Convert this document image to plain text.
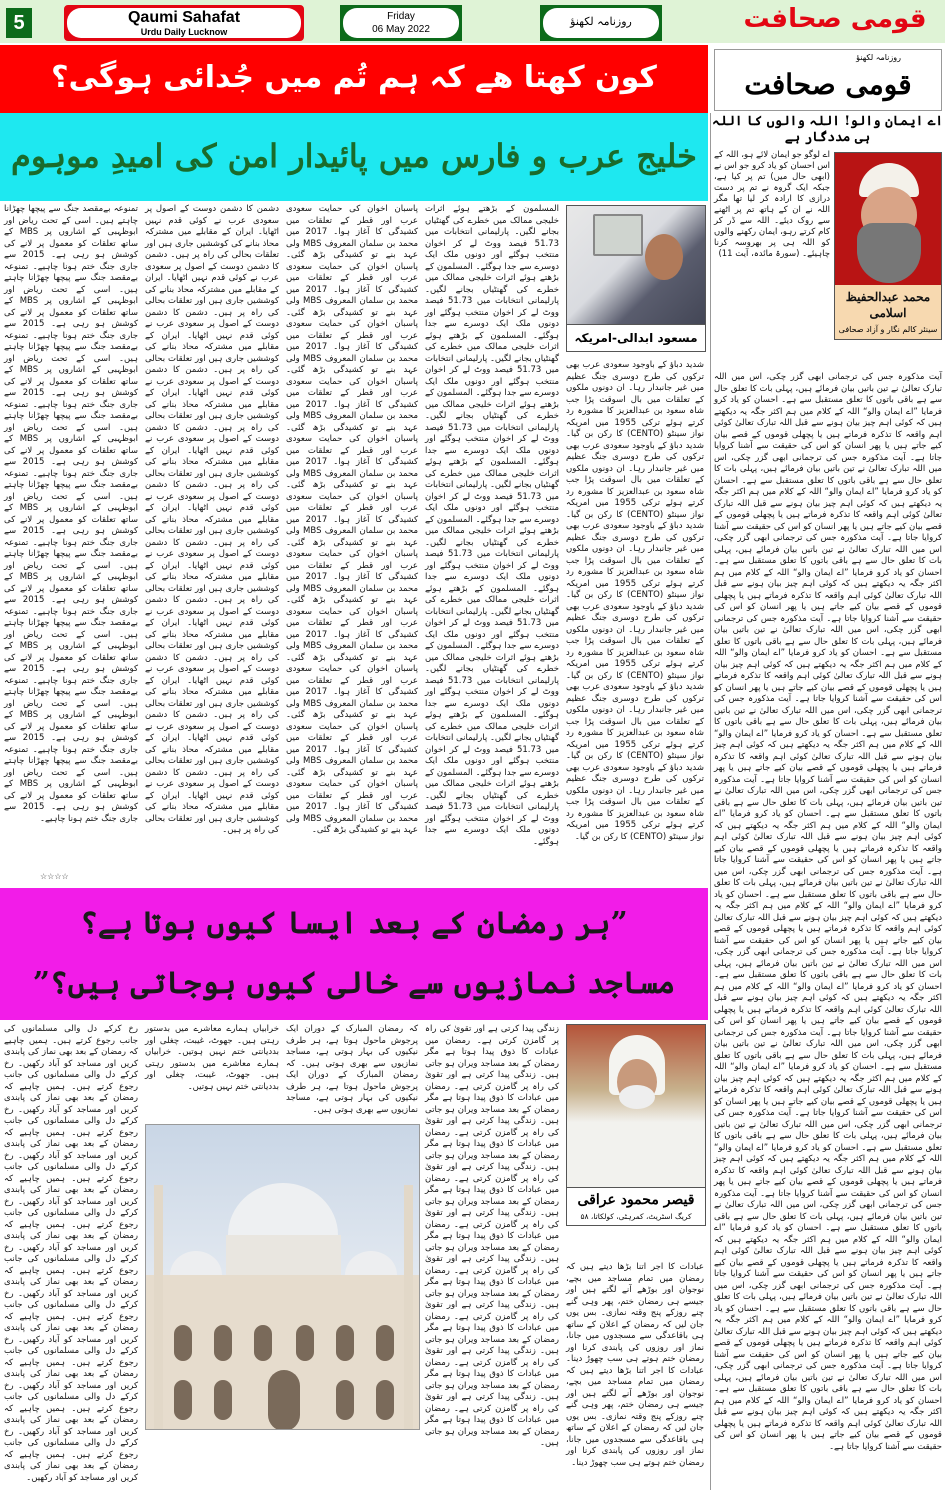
5	Qaumi Sahafat
Urdu Daily Lucknow
Friday
06 May 2022
روزنامہ لکھنؤ	قومی صحافت
کون کھتا ھے کہ ہم تُم میں جُدائی ہوگی؟
روزنامہ لکھنؤ
قومی صحافت
خلیج عرب و فارس میں پائیدار امن کی امیدِ موہوم
شدید دباؤ کے باوجود سعودی عرب بھی ترکوں کی طرح دوسری جنگ عظیم میں غیر جانبدار رہا۔ ان دونوں ملکوں کے تعلقات میں بال اسوقت پڑا جب شاہ سعود بن عبدالعزیز کا مشورہ رد کرتے ہوئے ترکی 1955 میں امریکہ نواز سینٹو (CENTO) کا رکن بن گیا۔ شدید دباؤ کے باوجود سعودی عرب بھی ترکوں کی طرح دوسری جنگ عظیم میں غیر جانبدار رہا۔ ان دونوں ملکوں کے تعلقات میں بال اسوقت پڑا جب شاہ سعود بن عبدالعزیز کا مشورہ رد کرتے ہوئے ترکی 1955 میں امریکہ نواز سینٹو (CENTO) کا رکن بن گیا۔ شدید دباؤ کے باوجود سعودی عرب بھی ترکوں کی طرح دوسری جنگ عظیم میں غیر جانبدار رہا۔ ان دونوں ملکوں کے تعلقات میں بال اسوقت پڑا جب شاہ سعود بن عبدالعزیز کا مشورہ رد کرتے ہوئے ترکی 1955 میں امریکہ نواز سینٹو (CENTO) کا رکن بن گیا۔ شدید دباؤ کے باوجود سعودی عرب بھی ترکوں کی طرح دوسری جنگ عظیم میں غیر جانبدار رہا۔ ان دونوں ملکوں کے تعلقات میں بال اسوقت پڑا جب شاہ سعود بن عبدالعزیز کا مشورہ رد کرتے ہوئے ترکی 1955 میں امریکہ نواز سینٹو (CENTO) کا رکن بن گیا۔ شدید دباؤ کے باوجود سعودی عرب بھی ترکوں کی طرح دوسری جنگ عظیم میں غیر جانبدار رہا۔ ان دونوں ملکوں کے تعلقات میں بال اسوقت پڑا جب شاہ سعود بن عبدالعزیز کا مشورہ رد کرتے ہوئے ترکی 1955 میں امریکہ نواز سینٹو (CENTO) کا رکن بن گیا۔ شدید دباؤ کے باوجود سعودی عرب بھی ترکوں کی طرح دوسری جنگ عظیم میں غیر جانبدار رہا۔ ان دونوں ملکوں کے تعلقات میں بال اسوقت پڑا جب شاہ سعود بن عبدالعزیز کا مشورہ رد کرتے ہوئے ترکی 1955 میں امریکہ نواز سینٹو (CENTO) کا رکن بن گیا۔
المسلمون کے بڑھتے ہوئے اثرات خلیجی ممالک میں خطرے کی گھنٹیاں بجانے لگیں۔ پارلیمانی انتخابات میں 51.73 فیصد ووٹ لے کر اخوان منتخب ہوگئے اور دونوں ملک ایک دوسرے سے جدا ہوگئے۔ المسلمون کے بڑھتے ہوئے اثرات خلیجی ممالک میں خطرے کی گھنٹیاں بجانے لگیں۔ پارلیمانی انتخابات میں 51.73 فیصد ووٹ لے کر اخوان منتخب ہوگئے اور دونوں ملک ایک دوسرے سے جدا ہوگئے۔ المسلمون کے بڑھتے ہوئے اثرات خلیجی ممالک میں خطرے کی گھنٹیاں بجانے لگیں۔ پارلیمانی انتخابات میں 51.73 فیصد ووٹ لے کر اخوان منتخب ہوگئے اور دونوں ملک ایک دوسرے سے جدا ہوگئے۔ المسلمون کے بڑھتے ہوئے اثرات خلیجی ممالک میں خطرے کی گھنٹیاں بجانے لگیں۔ پارلیمانی انتخابات میں 51.73 فیصد ووٹ لے کر اخوان منتخب ہوگئے اور دونوں ملک ایک دوسرے سے جدا ہوگئے۔ المسلمون کے بڑھتے ہوئے اثرات خلیجی ممالک میں خطرے کی گھنٹیاں بجانے لگیں۔ پارلیمانی انتخابات میں 51.73 فیصد ووٹ لے کر اخوان منتخب ہوگئے اور دونوں ملک ایک دوسرے سے جدا ہوگئے۔ المسلمون کے بڑھتے ہوئے اثرات خلیجی ممالک میں خطرے کی گھنٹیاں بجانے لگیں۔ پارلیمانی انتخابات میں 51.73 فیصد ووٹ لے کر اخوان منتخب ہوگئے اور دونوں ملک ایک دوسرے سے جدا ہوگئے۔ المسلمون کے بڑھتے ہوئے اثرات خلیجی ممالک میں خطرے کی گھنٹیاں بجانے لگیں۔ پارلیمانی انتخابات میں 51.73 فیصد ووٹ لے کر اخوان منتخب ہوگئے اور دونوں ملک ایک دوسرے سے جدا ہوگئے۔ المسلمون کے بڑھتے ہوئے اثرات خلیجی ممالک میں خطرے کی گھنٹیاں بجانے لگیں۔ پارلیمانی انتخابات میں 51.73 فیصد ووٹ لے کر اخوان منتخب ہوگئے اور دونوں ملک ایک دوسرے سے جدا ہوگئے۔ المسلمون کے بڑھتے ہوئے اثرات خلیجی ممالک میں خطرے کی گھنٹیاں بجانے لگیں۔ پارلیمانی انتخابات میں 51.73 فیصد ووٹ لے کر اخوان منتخب ہوگئے اور دونوں ملک ایک دوسرے سے جدا ہوگئے۔ المسلمون کے بڑھتے ہوئے اثرات خلیجی ممالک میں خطرے کی گھنٹیاں بجانے لگیں۔ پارلیمانی انتخابات میں 51.73 فیصد ووٹ لے کر اخوان منتخب ہوگئے اور دونوں ملک ایک دوسرے سے جدا ہوگئے۔
پاسبان اخوان کی حمایت سعودی عرب اور قطر کے تعلقات میں کشیدگی کا آغاز ہوا۔ 2017 میں محمد بن سلمان المعروف MBS ولی عہد بنے تو کشیدگی بڑھ گئی۔ پاسبان اخوان کی حمایت سعودی عرب اور قطر کے تعلقات میں کشیدگی کا آغاز ہوا۔ 2017 میں محمد بن سلمان المعروف MBS ولی عہد بنے تو کشیدگی بڑھ گئی۔ پاسبان اخوان کی حمایت سعودی عرب اور قطر کے تعلقات میں کشیدگی کا آغاز ہوا۔ 2017 میں محمد بن سلمان المعروف MBS ولی عہد بنے تو کشیدگی بڑھ گئی۔ پاسبان اخوان کی حمایت سعودی عرب اور قطر کے تعلقات میں کشیدگی کا آغاز ہوا۔ 2017 میں محمد بن سلمان المعروف MBS ولی عہد بنے تو کشیدگی بڑھ گئی۔ پاسبان اخوان کی حمایت سعودی عرب اور قطر کے تعلقات میں کشیدگی کا آغاز ہوا۔ 2017 میں محمد بن سلمان المعروف MBS ولی عہد بنے تو کشیدگی بڑھ گئی۔ پاسبان اخوان کی حمایت سعودی عرب اور قطر کے تعلقات میں کشیدگی کا آغاز ہوا۔ 2017 میں محمد بن سلمان المعروف MBS ولی عہد بنے تو کشیدگی بڑھ گئی۔ پاسبان اخوان کی حمایت سعودی عرب اور قطر کے تعلقات میں کشیدگی کا آغاز ہوا۔ 2017 میں محمد بن سلمان المعروف MBS ولی عہد بنے تو کشیدگی بڑھ گئی۔ پاسبان اخوان کی حمایت سعودی عرب اور قطر کے تعلقات میں کشیدگی کا آغاز ہوا۔ 2017 میں محمد بن سلمان المعروف MBS ولی عہد بنے تو کشیدگی بڑھ گئی۔ پاسبان اخوان کی حمایت سعودی عرب اور قطر کے تعلقات میں کشیدگی کا آغاز ہوا۔ 2017 میں محمد بن سلمان المعروف MBS ولی عہد بنے تو کشیدگی بڑھ گئی۔ پاسبان اخوان کی حمایت سعودی عرب اور قطر کے تعلقات میں کشیدگی کا آغاز ہوا۔ 2017 میں محمد بن سلمان المعروف MBS ولی عہد بنے تو کشیدگی بڑھ گئی۔ پاسبان اخوان کی حمایت سعودی عرب اور قطر کے تعلقات میں کشیدگی کا آغاز ہوا۔ 2017 میں محمد بن سلمان المعروف MBS ولی عہد بنے تو کشیدگی بڑھ گئی۔
دشمن کا دشمن دوست کے اصول پر سعودی عرب نے کوئی قدم نہیں اٹھایا۔ ایران کے مقابلے میں مشترکہ محاذ بنانے کی کوششیں جاری ہیں اور تعلقات بحالی کی راہ پر ہیں۔ دشمن کا دشمن دوست کے اصول پر سعودی عرب نے کوئی قدم نہیں اٹھایا۔ ایران کے مقابلے میں مشترکہ محاذ بنانے کی کوششیں جاری ہیں اور تعلقات بحالی کی راہ پر ہیں۔ دشمن کا دشمن دوست کے اصول پر سعودی عرب نے کوئی قدم نہیں اٹھایا۔ ایران کے مقابلے میں مشترکہ محاذ بنانے کی کوششیں جاری ہیں اور تعلقات بحالی کی راہ پر ہیں۔ دشمن کا دشمن دوست کے اصول پر سعودی عرب نے کوئی قدم نہیں اٹھایا۔ ایران کے مقابلے میں مشترکہ محاذ بنانے کی کوششیں جاری ہیں اور تعلقات بحالی کی راہ پر ہیں۔ دشمن کا دشمن دوست کے اصول پر سعودی عرب نے کوئی قدم نہیں اٹھایا۔ ایران کے مقابلے میں مشترکہ محاذ بنانے کی کوششیں جاری ہیں اور تعلقات بحالی کی راہ پر ہیں۔ دشمن کا دشمن دوست کے اصول پر سعودی عرب نے کوئی قدم نہیں اٹھایا۔ ایران کے مقابلے میں مشترکہ محاذ بنانے کی کوششیں جاری ہیں اور تعلقات بحالی کی راہ پر ہیں۔ دشمن کا دشمن دوست کے اصول پر سعودی عرب نے کوئی قدم نہیں اٹھایا۔ ایران کے مقابلے میں مشترکہ محاذ بنانے کی کوششیں جاری ہیں اور تعلقات بحالی کی راہ پر ہیں۔ دشمن کا دشمن دوست کے اصول پر سعودی عرب نے کوئی قدم نہیں اٹھایا۔ ایران کے مقابلے میں مشترکہ محاذ بنانے کی کوششیں جاری ہیں اور تعلقات بحالی کی راہ پر ہیں۔ دشمن کا دشمن دوست کے اصول پر سعودی عرب نے کوئی قدم نہیں اٹھایا۔ ایران کے مقابلے میں مشترکہ محاذ بنانے کی کوششیں جاری ہیں اور تعلقات بحالی کی راہ پر ہیں۔ دشمن کا دشمن دوست کے اصول پر سعودی عرب نے کوئی قدم نہیں اٹھایا۔ ایران کے مقابلے میں مشترکہ محاذ بنانے کی کوششیں جاری ہیں اور تعلقات بحالی کی راہ پر ہیں۔ دشمن کا دشمن دوست کے اصول پر سعودی عرب نے کوئی قدم نہیں اٹھایا۔ ایران کے مقابلے میں مشترکہ محاذ بنانے کی کوششیں جاری ہیں اور تعلقات بحالی کی راہ پر ہیں۔
تمنوعہ بےمقصد جنگ سے پیچھا چھڑانا چاہتے ہیں۔ اسی کے تحت ریاض اور ابوظہبی کے اشاروں پر MBS کے ساتھ تعلقات کو معمول پر لانے کی کوشش ہو رہی ہے۔ 2015 سے جاری جنگ ختم ہونا چاہیے۔ تمنوعہ بےمقصد جنگ سے پیچھا چھڑانا چاہتے ہیں۔ اسی کے تحت ریاض اور ابوظہبی کے اشاروں پر MBS کے ساتھ تعلقات کو معمول پر لانے کی کوشش ہو رہی ہے۔ 2015 سے جاری جنگ ختم ہونا چاہیے۔ تمنوعہ بےمقصد جنگ سے پیچھا چھڑانا چاہتے ہیں۔ اسی کے تحت ریاض اور ابوظہبی کے اشاروں پر MBS کے ساتھ تعلقات کو معمول پر لانے کی کوشش ہو رہی ہے۔ 2015 سے جاری جنگ ختم ہونا چاہیے۔ تمنوعہ بےمقصد جنگ سے پیچھا چھڑانا چاہتے ہیں۔ اسی کے تحت ریاض اور ابوظہبی کے اشاروں پر MBS کے ساتھ تعلقات کو معمول پر لانے کی کوشش ہو رہی ہے۔ 2015 سے جاری جنگ ختم ہونا چاہیے۔ تمنوعہ بےمقصد جنگ سے پیچھا چھڑانا چاہتے ہیں۔ اسی کے تحت ریاض اور ابوظہبی کے اشاروں پر MBS کے ساتھ تعلقات کو معمول پر لانے کی کوشش ہو رہی ہے۔ 2015 سے جاری جنگ ختم ہونا چاہیے۔ تمنوعہ بےمقصد جنگ سے پیچھا چھڑانا چاہتے ہیں۔ اسی کے تحت ریاض اور ابوظہبی کے اشاروں پر MBS کے ساتھ تعلقات کو معمول پر لانے کی کوشش ہو رہی ہے۔ 2015 سے جاری جنگ ختم ہونا چاہیے۔ تمنوعہ بےمقصد جنگ سے پیچھا چھڑانا چاہتے ہیں۔ اسی کے تحت ریاض اور ابوظہبی کے اشاروں پر MBS کے ساتھ تعلقات کو معمول پر لانے کی کوشش ہو رہی ہے۔ 2015 سے جاری جنگ ختم ہونا چاہیے۔ تمنوعہ بےمقصد جنگ سے پیچھا چھڑانا چاہتے ہیں۔ اسی کے تحت ریاض اور ابوظہبی کے اشاروں پر MBS کے ساتھ تعلقات کو معمول پر لانے کی کوشش ہو رہی ہے۔ 2015 سے جاری جنگ ختم ہونا چاہیے۔ تمنوعہ بےمقصد جنگ سے پیچھا چھڑانا چاہتے ہیں۔ اسی کے تحت ریاض اور ابوظہبی کے اشاروں پر MBS کے ساتھ تعلقات کو معمول پر لانے کی کوشش ہو رہی ہے۔ 2015 سے جاری جنگ ختم ہونا چاہیے۔
مسعود ابدالی-امریکہ
☆☆☆☆
اے ایمان والو! اللہ والوں کا اللہ ہی مددگار ہے
محمد عبدالحفیظ اسلامی
سینئر کالم نگار و آزاد صحافی
اے لوگو جو ایمان لائے ہو، اللہ کے اس احسان کو یاد کرو جو اس نے (ابھی حال میں) تم پر کیا ہے، جبکہ ایک گروہ نے تم پر دست درازی کا ارادہ کر لیا تھا مگر اللہ نے ان کے ہاتھ تم پر اٹھنے سے روک دیئے۔ اللہ سے ڈر کر کام کرتے رہو، ایمان رکھنے والوں کو اللہ ہی پر بھروسہ کرنا چاہیئے۔ (سورۃ مائدہ، آیت 11)
آیت مذکورہ جس کی ترجمانی ابھی گزر چکی، اس میں اللہ تبارک تعالیٰ نے تین باتیں بیان فرمائے ہیں، پہلی بات کا تعلق حال سے ہے باقی باتوں کا تعلق مستقبل سے ہے۔ احسان کو یاد کرو فرمایا ”اے ایمان والو“ اللہ کے کلام میں ہم اکثر جگہ یہ دیکھتے ہیں کہ کوئی اہم چیز بیان ہونے سے قبل اللہ تبارک تعالیٰ کوئی اہم واقعہ کا تذکرہ فرماتے ہیں یا پچھلی قوموں کے قصے بیان کیے جاتے ہیں یا پھر انسان کو اس کی حقیقت سے آشنا کروایا جاتا ہے۔ آیت مذکورہ جس کی ترجمانی ابھی گزر چکی، اس میں اللہ تبارک تعالیٰ نے تین باتیں بیان فرمائے ہیں، پہلی بات کا تعلق حال سے ہے باقی باتوں کا تعلق مستقبل سے ہے۔ احسان کو یاد کرو فرمایا ”اے ایمان والو“ اللہ کے کلام میں ہم اکثر جگہ یہ دیکھتے ہیں کہ کوئی اہم چیز بیان ہونے سے قبل اللہ تبارک تعالیٰ کوئی اہم واقعہ کا تذکرہ فرماتے ہیں یا پچھلی قوموں کے قصے بیان کیے جاتے ہیں یا پھر انسان کو اس کی حقیقت سے آشنا کروایا جاتا ہے۔ آیت مذکورہ جس کی ترجمانی ابھی گزر چکی، اس میں اللہ تبارک تعالیٰ نے تین باتیں بیان فرمائے ہیں، پہلی بات کا تعلق حال سے ہے باقی باتوں کا تعلق مستقبل سے ہے۔ احسان کو یاد کرو فرمایا ”اے ایمان والو“ اللہ کے کلام میں ہم اکثر جگہ یہ دیکھتے ہیں کہ کوئی اہم چیز بیان ہونے سے قبل اللہ تبارک تعالیٰ کوئی اہم واقعہ کا تذکرہ فرماتے ہیں یا پچھلی قوموں کے قصے بیان کیے جاتے ہیں یا پھر انسان کو اس کی حقیقت سے آشنا کروایا جاتا ہے۔ آیت مذکورہ جس کی ترجمانی ابھی گزر چکی، اس میں اللہ تبارک تعالیٰ نے تین باتیں بیان فرمائے ہیں، پہلی بات کا تعلق حال سے ہے باقی باتوں کا تعلق مستقبل سے ہے۔ احسان کو یاد کرو فرمایا ”اے ایمان والو“ اللہ کے کلام میں ہم اکثر جگہ یہ دیکھتے ہیں کہ کوئی اہم چیز بیان ہونے سے قبل اللہ تبارک تعالیٰ کوئی اہم واقعہ کا تذکرہ فرماتے ہیں یا پچھلی قوموں کے قصے بیان کیے جاتے ہیں یا پھر انسان کو اس کی حقیقت سے آشنا کروایا جاتا ہے۔ آیت مذکورہ جس کی ترجمانی ابھی گزر چکی، اس میں اللہ تبارک تعالیٰ نے تین باتیں بیان فرمائے ہیں، پہلی بات کا تعلق حال سے ہے باقی باتوں کا تعلق مستقبل سے ہے۔ احسان کو یاد کرو فرمایا ”اے ایمان والو“ اللہ کے کلام میں ہم اکثر جگہ یہ دیکھتے ہیں کہ کوئی اہم چیز بیان ہونے سے قبل اللہ تبارک تعالیٰ کوئی اہم واقعہ کا تذکرہ فرماتے ہیں یا پچھلی قوموں کے قصے بیان کیے جاتے ہیں یا پھر انسان کو اس کی حقیقت سے آشنا کروایا جاتا ہے۔ آیت مذکورہ جس کی ترجمانی ابھی گزر چکی، اس میں اللہ تبارک تعالیٰ نے تین باتیں بیان فرمائے ہیں، پہلی بات کا تعلق حال سے ہے باقی باتوں کا تعلق مستقبل سے ہے۔ احسان کو یاد کرو فرمایا ”اے ایمان والو“ اللہ کے کلام میں ہم اکثر جگہ یہ دیکھتے ہیں کہ کوئی اہم چیز بیان ہونے سے قبل اللہ تبارک تعالیٰ کوئی اہم واقعہ کا تذکرہ فرماتے ہیں یا پچھلی قوموں کے قصے بیان کیے جاتے ہیں یا پھر انسان کو اس کی حقیقت سے آشنا کروایا جاتا ہے۔ آیت مذکورہ جس کی ترجمانی ابھی گزر چکی، اس میں اللہ تبارک تعالیٰ نے تین باتیں بیان فرمائے ہیں، پہلی بات کا تعلق حال سے ہے باقی باتوں کا تعلق مستقبل سے ہے۔ احسان کو یاد کرو فرمایا ”اے ایمان والو“ اللہ کے کلام میں ہم اکثر جگہ یہ دیکھتے ہیں کہ کوئی اہم چیز بیان ہونے سے قبل اللہ تبارک تعالیٰ کوئی اہم واقعہ کا تذکرہ فرماتے ہیں یا پچھلی قوموں کے قصے بیان کیے جاتے ہیں یا پھر انسان کو اس کی حقیقت سے آشنا کروایا جاتا ہے۔ آیت مذکورہ جس کی ترجمانی ابھی گزر چکی، اس میں اللہ تبارک تعالیٰ نے تین باتیں بیان فرمائے ہیں، پہلی بات کا تعلق حال سے ہے باقی باتوں کا تعلق مستقبل سے ہے۔ احسان کو یاد کرو فرمایا ”اے ایمان والو“ اللہ کے کلام میں ہم اکثر جگہ یہ دیکھتے ہیں کہ کوئی اہم چیز بیان ہونے سے قبل اللہ تبارک تعالیٰ کوئی اہم واقعہ کا تذکرہ فرماتے ہیں یا پچھلی قوموں کے قصے بیان کیے جاتے ہیں یا پھر انسان کو اس کی حقیقت سے آشنا کروایا جاتا ہے۔ آیت مذکورہ جس کی ترجمانی ابھی گزر چکی، اس میں اللہ تبارک تعالیٰ نے تین باتیں بیان فرمائے ہیں، پہلی بات کا تعلق حال سے ہے باقی باتوں کا تعلق مستقبل سے ہے۔ احسان کو یاد کرو فرمایا ”اے ایمان والو“ اللہ کے کلام میں ہم اکثر جگہ یہ دیکھتے ہیں کہ کوئی اہم چیز بیان ہونے سے قبل اللہ تبارک تعالیٰ کوئی اہم واقعہ کا تذکرہ فرماتے ہیں یا پچھلی قوموں کے قصے بیان کیے جاتے ہیں یا پھر انسان کو اس کی حقیقت سے آشنا کروایا جاتا ہے۔ آیت مذکورہ جس کی ترجمانی ابھی گزر چکی، اس میں اللہ تبارک تعالیٰ نے تین باتیں بیان فرمائے ہیں، پہلی بات کا تعلق حال سے ہے باقی باتوں کا تعلق مستقبل سے ہے۔ احسان کو یاد کرو فرمایا ”اے ایمان والو“ اللہ کے کلام میں ہم اکثر جگہ یہ دیکھتے ہیں کہ کوئی اہم چیز بیان ہونے سے قبل اللہ تبارک تعالیٰ کوئی اہم واقعہ کا تذکرہ فرماتے ہیں یا پچھلی قوموں کے قصے بیان کیے جاتے ہیں یا پھر انسان کو اس کی حقیقت سے آشنا کروایا جاتا ہے۔ آیت مذکورہ جس کی ترجمانی ابھی گزر چکی، اس میں اللہ تبارک تعالیٰ نے تین باتیں بیان فرمائے ہیں، پہلی بات کا تعلق حال سے ہے باقی باتوں کا تعلق مستقبل سے ہے۔ احسان کو یاد کرو فرمایا ”اے ایمان والو“ اللہ کے کلام میں ہم اکثر جگہ یہ دیکھتے ہیں کہ کوئی اہم چیز بیان ہونے سے قبل اللہ تبارک تعالیٰ کوئی اہم واقعہ کا تذکرہ فرماتے ہیں یا پچھلی قوموں کے قصے بیان کیے جاتے ہیں یا پھر انسان کو اس کی حقیقت سے آشنا کروایا جاتا ہے۔ آیت مذکورہ جس کی ترجمانی ابھی گزر چکی، اس میں اللہ تبارک تعالیٰ نے تین باتیں بیان فرمائے ہیں، پہلی بات کا تعلق حال سے ہے باقی باتوں کا تعلق مستقبل سے ہے۔ احسان کو یاد کرو فرمایا ”اے ایمان والو“ اللہ کے کلام میں ہم اکثر جگہ یہ دیکھتے ہیں کہ کوئی اہم چیز بیان ہونے سے قبل اللہ تبارک تعالیٰ کوئی اہم واقعہ کا تذکرہ فرماتے ہیں یا پچھلی قوموں کے قصے بیان کیے جاتے ہیں یا پھر انسان کو اس کی حقیقت سے آشنا کروایا جاتا ہے۔ آیت مذکورہ جس کی ترجمانی ابھی گزر چکی، اس میں اللہ تبارک تعالیٰ نے تین باتیں بیان فرمائے ہیں، پہلی بات کا تعلق حال سے ہے باقی باتوں کا تعلق مستقبل سے ہے۔ احسان کو یاد کرو فرمایا ”اے ایمان والو“ اللہ کے کلام میں ہم اکثر جگہ یہ دیکھتے ہیں کہ کوئی اہم چیز بیان ہونے سے قبل اللہ تبارک تعالیٰ کوئی اہم واقعہ کا تذکرہ فرماتے ہیں یا پچھلی قوموں کے قصے بیان کیے جاتے ہیں یا پھر انسان کو اس کی حقیقت سے آشنا کروایا جاتا ہے۔
”ہر رمضان کے بعد ایسا کیوں ہوتا ہے؟
مساجد نمازیوں سے خالی کیوں ہوجاتی ہیں؟”
عبادات کا اجر اتنا بڑھا دیتے ہیں کہ رمضان میں تمام مساجد میں بچے، نوجوان اور بوڑھے آنے لگتے ہیں اور جیسے ہی رمضان ختم، پھر وہی گنے چنے روزکے پنج وقتہ نمازی۔ بس یوں جان لیں کہ رمضان کے اعلان کے ساتھ ہی باقاعدگی سے مسجدوں میں جانا، نماز اور روزوں کی پابندی کرنا اور رمضان ختم ہوتے ہی سب چھوڑ دینا۔ عبادات کا اجر اتنا بڑھا دیتے ہیں کہ رمضان میں تمام مساجد میں بچے، نوجوان اور بوڑھے آنے لگتے ہیں اور جیسے ہی رمضان ختم، پھر وہی گنے چنے روزکے پنج وقتہ نمازی۔ بس یوں جان لیں کہ رمضان کے اعلان کے ساتھ ہی باقاعدگی سے مسجدوں میں جانا، نماز اور روزوں کی پابندی کرنا اور رمضان ختم ہوتے ہی سب چھوڑ دینا۔
زندگی پیدا کرتی ہے اور تقویٰ کی راہ پر گامزن کرتی ہے۔ رمضان میں عبادات کا ذوق پیدا ہوتا ہے مگر رمضان کے بعد مساجد ویران ہو جاتی ہیں۔ زندگی پیدا کرتی ہے اور تقویٰ کی راہ پر گامزن کرتی ہے۔ رمضان میں عبادات کا ذوق پیدا ہوتا ہے مگر رمضان کے بعد مساجد ویران ہو جاتی ہیں۔ زندگی پیدا کرتی ہے اور تقویٰ کی راہ پر گامزن کرتی ہے۔ رمضان میں عبادات کا ذوق پیدا ہوتا ہے مگر رمضان کے بعد مساجد ویران ہو جاتی ہیں۔ زندگی پیدا کرتی ہے اور تقویٰ کی راہ پر گامزن کرتی ہے۔ رمضان میں عبادات کا ذوق پیدا ہوتا ہے مگر رمضان کے بعد مساجد ویران ہو جاتی ہیں۔ زندگی پیدا کرتی ہے اور تقویٰ کی راہ پر گامزن کرتی ہے۔ رمضان میں عبادات کا ذوق پیدا ہوتا ہے مگر رمضان کے بعد مساجد ویران ہو جاتی ہیں۔ زندگی پیدا کرتی ہے اور تقویٰ کی راہ پر گامزن کرتی ہے۔ رمضان میں عبادات کا ذوق پیدا ہوتا ہے مگر رمضان کے بعد مساجد ویران ہو جاتی ہیں۔ زندگی پیدا کرتی ہے اور تقویٰ کی راہ پر گامزن کرتی ہے۔ رمضان میں عبادات کا ذوق پیدا ہوتا ہے مگر رمضان کے بعد مساجد ویران ہو جاتی ہیں۔ زندگی پیدا کرتی ہے اور تقویٰ کی راہ پر گامزن کرتی ہے۔ رمضان میں عبادات کا ذوق پیدا ہوتا ہے مگر رمضان کے بعد مساجد ویران ہو جاتی ہیں۔ زندگی پیدا کرتی ہے اور تقویٰ کی راہ پر گامزن کرتی ہے۔ رمضان میں عبادات کا ذوق پیدا ہوتا ہے مگر رمضان کے بعد مساجد ویران ہو جاتی ہیں۔
کہ رمضان المبارک کے دوران ایک پرجوش ماحول ہوتا ہے، ہر طرف نیکیوں کی بہار ہوتی ہے، مساجد نمازیوں سے بھری ہوتی ہیں۔ کہ رمضان المبارک کے دوران ایک پرجوش ماحول ہوتا ہے، ہر طرف نیکیوں کی بہار ہوتی ہے، مساجد نمازیوں سے بھری ہوتی ہیں۔
خرابیاں ہمارے معاشرے میں بدستور رہتی ہیں۔ جھوٹ، غیبت، چغلی اور بددیانتی ختم نہیں ہوتیں۔ خرابیاں ہمارے معاشرے میں بدستور رہتی ہیں۔ جھوٹ، غیبت، چغلی اور بددیانتی ختم نہیں ہوتیں۔
رخ کرکے دل والی مسلمانوں کی جانب رجوع کرتے ہیں۔ ہمیں چاہیے کہ رمضان کے بعد بھی نماز کی پابندی کریں اور مساجد کو آباد رکھیں۔ رخ کرکے دل والی مسلمانوں کی جانب رجوع کرتے ہیں۔ ہمیں چاہیے کہ رمضان کے بعد بھی نماز کی پابندی کریں اور مساجد کو آباد رکھیں۔ رخ کرکے دل والی مسلمانوں کی جانب رجوع کرتے ہیں۔ ہمیں چاہیے کہ رمضان کے بعد بھی نماز کی پابندی کریں اور مساجد کو آباد رکھیں۔ رخ کرکے دل والی مسلمانوں کی جانب رجوع کرتے ہیں۔ ہمیں چاہیے کہ رمضان کے بعد بھی نماز کی پابندی کریں اور مساجد کو آباد رکھیں۔ رخ کرکے دل والی مسلمانوں کی جانب رجوع کرتے ہیں۔ ہمیں چاہیے کہ رمضان کے بعد بھی نماز کی پابندی کریں اور مساجد کو آباد رکھیں۔ رخ کرکے دل والی مسلمانوں کی جانب رجوع کرتے ہیں۔ ہمیں چاہیے کہ رمضان کے بعد بھی نماز کی پابندی کریں اور مساجد کو آباد رکھیں۔ رخ کرکے دل والی مسلمانوں کی جانب رجوع کرتے ہیں۔ ہمیں چاہیے کہ رمضان کے بعد بھی نماز کی پابندی کریں اور مساجد کو آباد رکھیں۔ رخ کرکے دل والی مسلمانوں کی جانب رجوع کرتے ہیں۔ ہمیں چاہیے کہ رمضان کے بعد بھی نماز کی پابندی کریں اور مساجد کو آباد رکھیں۔ رخ کرکے دل والی مسلمانوں کی جانب رجوع کرتے ہیں۔ ہمیں چاہیے کہ رمضان کے بعد بھی نماز کی پابندی کریں اور مساجد کو آباد رکھیں۔ رخ کرکے دل والی مسلمانوں کی جانب رجوع کرتے ہیں۔ ہمیں چاہیے کہ رمضان کے بعد بھی نماز کی پابندی کریں اور مساجد کو آباد رکھیں۔
قیصر محمود عراقی
کریگ اسٹریٹ، کمرہٹی، کولکاتا، ۵۸
